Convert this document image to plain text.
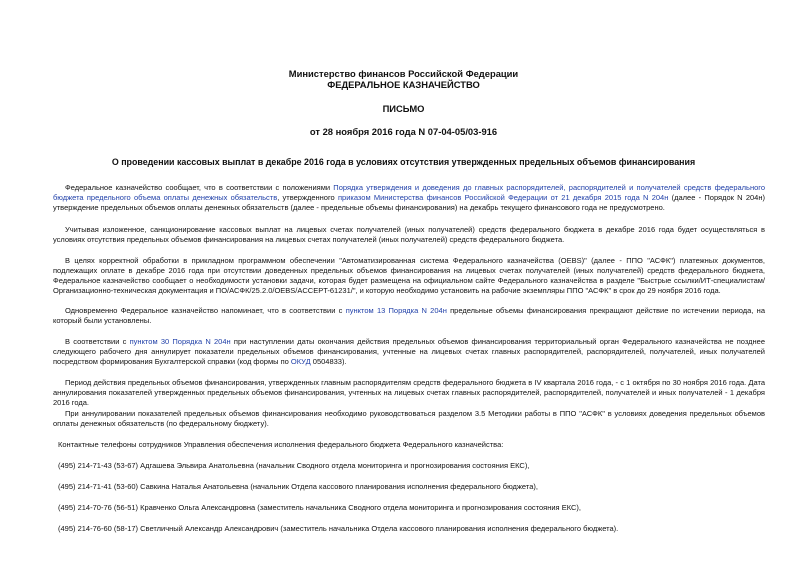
Министерство финансов Российской Федерации
ФЕДЕРАЛЬНОЕ КАЗНАЧЕЙСТВО
ПИСЬМО
от 28 ноября 2016 года N 07-04-05/03-916
О проведении кассовых выплат в декабре 2016 года в условиях отсутствия утвержденных предельных объемов финансирования
Федеральное казначейство сообщает, что в соответствии с положениями Порядка утверждения и доведения до главных распорядителей, распорядителей и получателей средств федерального бюджета предельного объема оплаты денежных обязательств, утвержденного приказом Министерства финансов Российской Федерации от 21 декабря 2015 года N 204н (далее - Порядок N 204н) утверждение предельных объемов оплаты денежных обязательств (далее - предельные объемы финансирования) на декабрь текущего финансового года не предусмотрено.
Учитывая изложенное, санкционирование кассовых выплат на лицевых счетах получателей (иных получателей) средств федерального бюджета в декабре 2016 года будет осуществляться в условиях отсутствия предельных объемов финансирования на лицевых счетах получателей (иных получателей) средств федерального бюджета.
В целях корректной обработки в прикладном программном обеспечении "Автоматизированная система Федерального казначейства (ОЕВS)" (далее - ППО "АСФК") платежных документов, подлежащих оплате в декабре 2016 года при отсутствии доведенных предельных объемов финансирования на лицевых счетах получателей (иных получателей) средств федерального бюджета, Федеральное казначейство сообщает о необходимости установки задачи, которая будет размещена на официальном сайте Федерального казначейства в разделе "Быстрые ссылки/ИТ-специалистам/Организационно-техническая документация и ПО/АСФК/25.2.0/OEBS/ACCEPT-61231/", и которую необходимо установить на рабочие экземпляры ППО "АСФК" в срок до 29 ноября 2016 года.
Одновременно Федеральное казначейство напоминает, что в соответствии с пунктом 13 Порядка N 204н предельные объемы финансирования прекращают действие по истечении периода, на который были установлены.
В соответствии с пунктом 30 Порядка N 204н при наступлении даты окончания действия предельных объемов финансирования территориальный орган Федерального казначейства не позднее следующего рабочего дня аннулирует показатели предельных объемов финансирования, учтенные на лицевых счетах главных распорядителей, распорядителей, получателей, иных получателей посредством формирования Бухгалтерской справки (код формы по ОКУД 0504833).
Период действия предельных объемов финансирования, утвержденных главным распорядителям средств федерального бюджета в IV квартала 2016 года, - с 1 октября по 30 ноября 2016 года. Дата аннулирования показателей утвержденных предельных объемов финансирования, учтенных на лицевых счетах главных распорядителей, распорядителей, получателей и иных получателей - 1 декабря 2016 года.
При аннулировании показателей предельных объемов финансирования необходимо руководствоваться разделом 3.5 Методики работы в ППО "АСФК" в условиях доведения предельных объемов оплаты денежных обязательств (по федеральному бюджету).
Контактные телефоны сотрудников Управления обеспечения исполнения федерального бюджета Федерального казначейства:
(495) 214-71-43 (53-67) Адгашева Эльвира Анатольевна (начальник Сводного отдела мониторинга и прогнозирования состояния ЕКС),
(495) 214-71-41 (53-60) Савкина Наталья Анатольевна (начальник Отдела кассового планирования исполнения федерального бюджета),
(495) 214-70-76 (56-51) Кравченко Ольга Александровна (заместитель начальника Сводного отдела мониторинга и прогнозирования состояния ЕКС),
(495) 214-76-60 (58-17) Светличный Александр Александрович (заместитель начальника Отдела кассового планирования исполнения федерального бюджета).
